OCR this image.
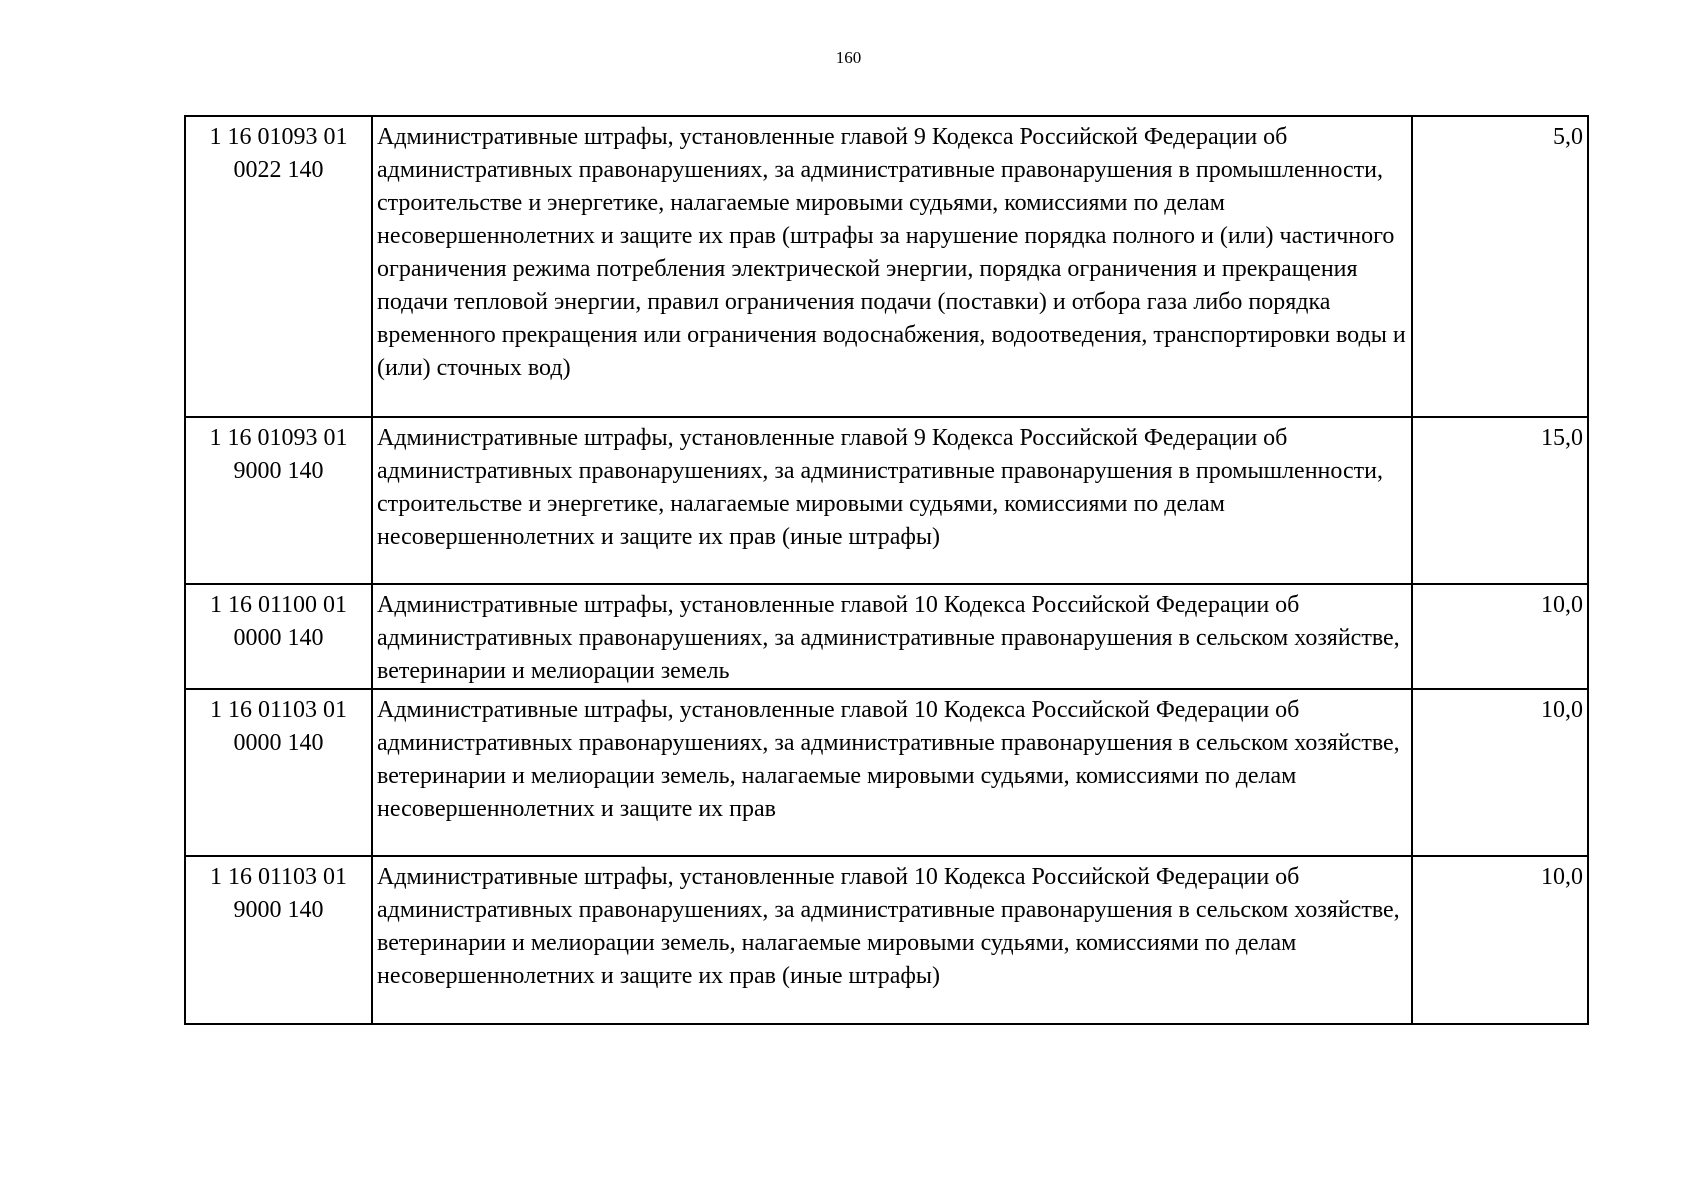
160
1 16 01093 01
0022 140	Административные штрафы, установленные главой 9 Кодекса Российской Федерации об административных правонарушениях, за административные правонарушения в промышленности, строительстве и энергетике, налагаемые мировыми судьями, комиссиями по делам несовершеннолетних и защите их прав (штрафы за нарушение порядка полного и (или) частичного ограничения режима потребления электрической энергии, порядка ограничения и прекращения подачи тепловой энергии, правил ограничения подачи (поставки) и отбора газа либо порядка временного прекращения или ограничения водоснабжения, водоотведения, транспортировки воды и (или) сточных вод)	5,0
1 16 01093 01
9000 140	Административные штрафы, установленные главой 9 Кодекса Российской Федерации об административных правонарушениях, за административные правонарушения в промышленности, строительстве и энергетике, налагаемые мировыми судьями, комиссиями по делам несовершеннолетних и защите их прав (иные штрафы)	15,0
1 16 01100 01
0000 140	Административные штрафы, установленные главой 10 Кодекса Российской Федерации об административных правонарушениях, за административные правонарушения в сельском хозяйстве, ветеринарии и мелиорации земель	10,0
1 16 01103 01
0000 140	Административные штрафы, установленные главой 10 Кодекса Российской Федерации об административных правонарушениях, за административные правонарушения в сельском хозяйстве, ветеринарии и мелиорации земель, налагаемые мировыми судьями, комиссиями по делам несовершеннолетних и защите их прав	10,0
1 16 01103 01
9000 140	Административные штрафы, установленные главой 10 Кодекса Российской Федерации об административных правонарушениях, за административные правонарушения в сельском хозяйстве, ветеринарии и мелиорации земель, налагаемые мировыми судьями, комиссиями по делам несовершеннолетних и защите их прав (иные штрафы)	10,0
